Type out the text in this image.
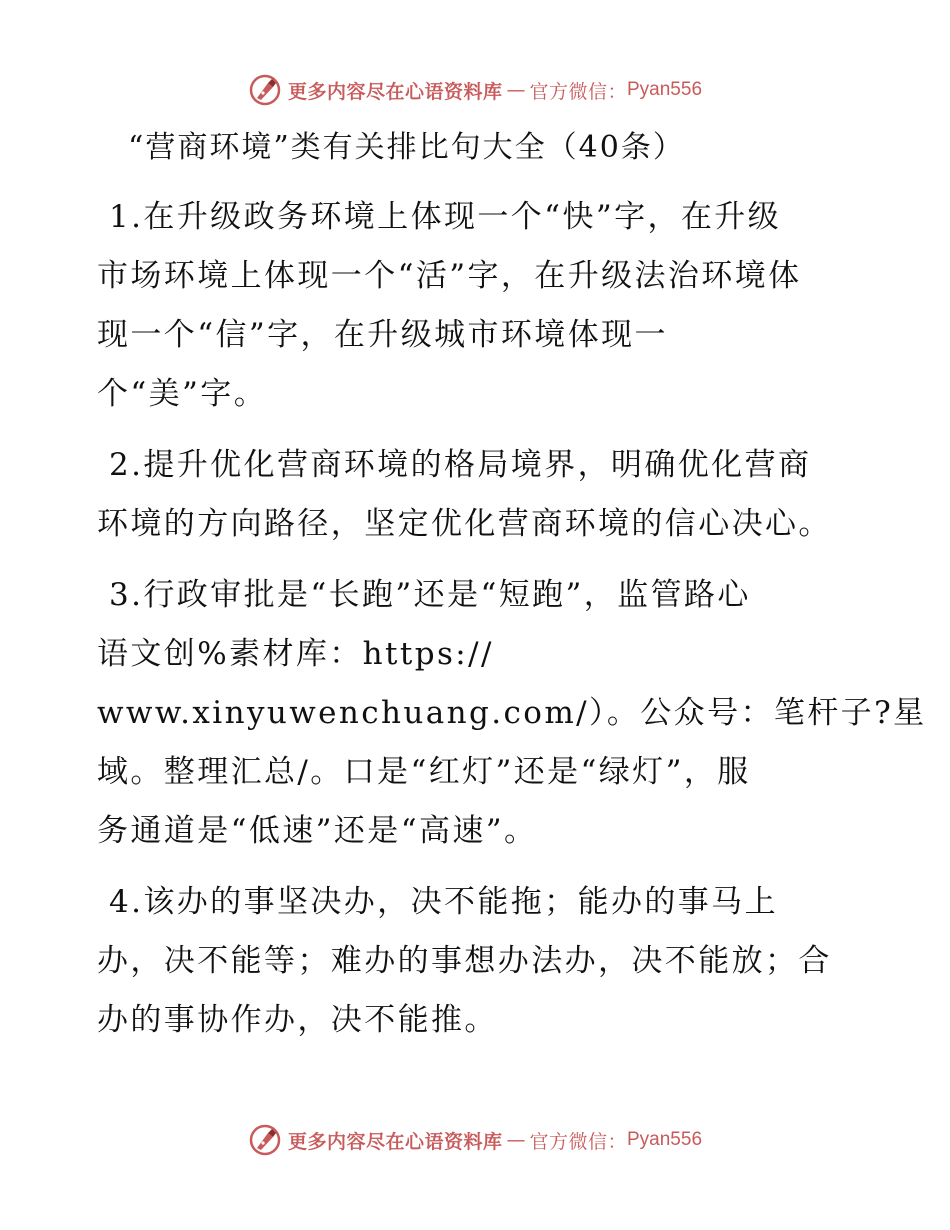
更多内容尽在心语资料库 — 官方微信： Pyan556
“营商环境”类有关排比句大全（40条）

1.在升级政务环境上体现一个“快”字，在升级
市场环境上体现一个“活”字，在升级法治环境体
现一个“信”字，在升级城市环境体现一
个“美”字。

2.提升优化营商环境的格局境界，明确优化营商
环境的方向路径，坚定优化营商环境的信心决心。

3.行政审批是“长跑”还是“短跑”，监管路心
语文创%素材库：https://
www.xinyuwenchuang.com/）。公众号：笔杆子?星
域。整理汇总/。口是“红灯”还是“绿灯”，服
务通道是“低速”还是“高速”。

4.该办的事坚决办，决不能拖；能办的事马上
办，决不能等；难办的事想办法办，决不能放；合
办的事协作办，决不能推。

更多内容尽在心语资料库 — 官方微信： Pyan556
